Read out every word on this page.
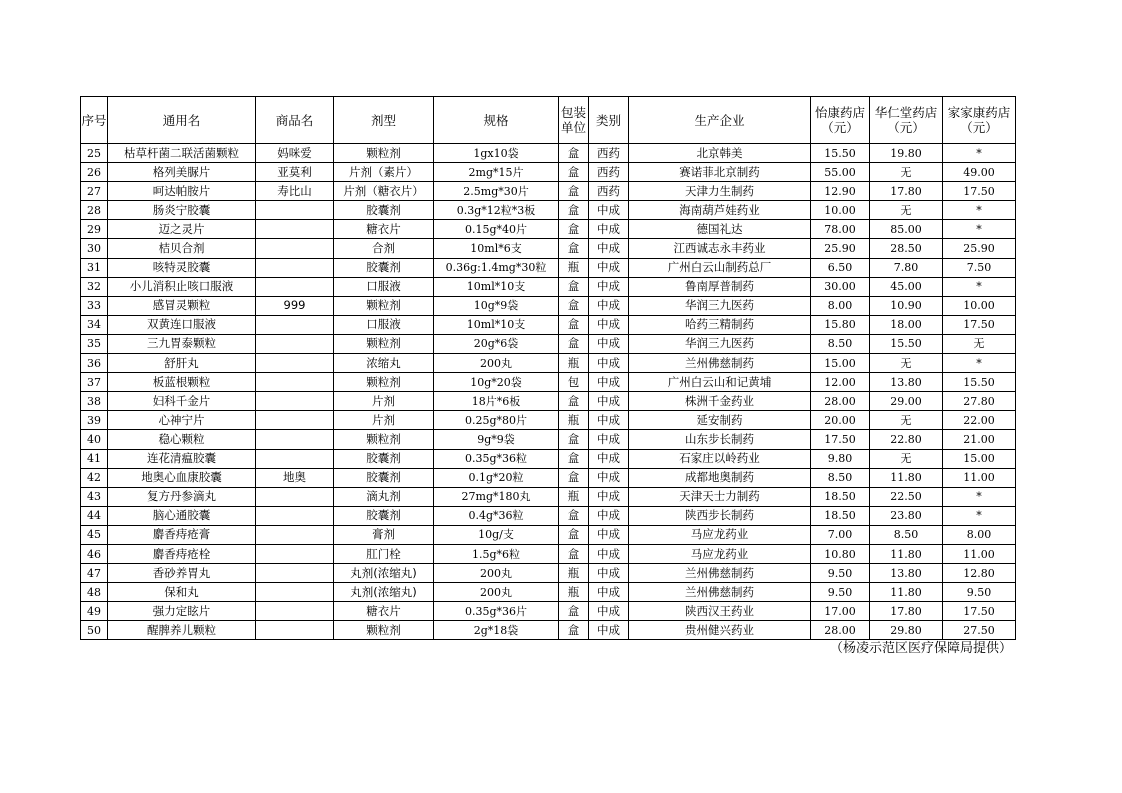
序号	通用名	商品名	剂型	规格	包装单位	类别	生产企业	怡康药店（元）	华仁堂药店（元）	家家康药店（元）
25	枯草杆菌二联活菌颗粒	妈咪爱	颗粒剂	1gx10袋	盒	西药	北京韩美	15.50	19.80	*
26	格列美脲片	亚莫利	片剂（素片）	2mg*15片	盒	西药	赛诺菲北京制药	55.00	无	49.00
27	呵达帕胺片	寿比山	片剂（糖衣片）	2.5mg*30片	盒	西药	天津力生制药	12.90	17.80	17.50
28	肠炎宁胶囊		胶囊剂	0.3g*12粒*3板	盒	中成	海南葫芦娃药业	10.00	无	*
29	迈之灵片		糖衣片	0.15g*40片	盒	中成	德国礼达	78.00	85.00	*
30	桔贝合剂		合剂	10ml*6支	盒	中成	江西诚志永丰药业	25.90	28.50	25.90
31	咳特灵胶囊		胶囊剂	0.36g:1.4mg*30粒	瓶	中成	广州白云山制药总厂	6.50	7.80	7.50
32	小儿消积止咳口服液		口服液	10ml*10支	盒	中成	鲁南厚普制药	30.00	45.00	*
33	感冒灵颗粒	999	颗粒剂	10g*9袋	盒	中成	华润三九医药	8.00	10.90	10.00
34	双黄连口服液		口服液	10ml*10支	盒	中成	哈药三精制药	15.80	18.00	17.50
35	三九胃泰颗粒		颗粒剂	20g*6袋	盒	中成	华润三九医药	8.50	15.50	无
36	舒肝丸		浓缩丸	200丸	瓶	中成	兰州佛慈制药	15.00	无	*
37	板蓝根颗粒		颗粒剂	10g*20袋	包	中成	广州白云山和记黄埔	12.00	13.80	15.50
38	妇科千金片		片剂	18片*6板	盒	中成	株洲千金药业	28.00	29.00	27.80
39	心神宁片		片剂	0.25g*80片	瓶	中成	延安制药	20.00	无	22.00
40	稳心颗粒		颗粒剂	9g*9袋	盒	中成	山东步长制药	17.50	22.80	21.00
41	连花清瘟胶囊		胶囊剂	0.35g*36粒	盒	中成	石家庄以岭药业	9.80	无	15.00
42	地奥心血康胶囊	地奥	胶囊剂	0.1g*20粒	盒	中成	成都地奥制药	8.50	11.80	11.00
43	复方丹参滴丸		滴丸剂	27mg*180丸	瓶	中成	天津天士力制药	18.50	22.50	*
44	脑心通胶囊		胶囊剂	0.4g*36粒	盒	中成	陕西步长制药	18.50	23.80	*
45	麝香痔疮膏		膏剂	10g/支	盒	中成	马应龙药业	7.00	8.50	8.00
46	麝香痔疮栓		肛门栓	1.5g*6粒	盒	中成	马应龙药业	10.80	11.80	11.00
47	香砂养胃丸		丸剂(浓缩丸)	200丸	瓶	中成	兰州佛慈制药	9.50	13.80	12.80
48	保和丸		丸剂(浓缩丸)	200丸	瓶	中成	兰州佛慈制药	9.50	11.80	9.50
49	强力定眩片		糖衣片	0.35g*36片	盒	中成	陕西汉王药业	17.00	17.80	17.50
50	醒脾养儿颗粒		颗粒剂	2g*18袋	盒	中成	贵州健兴药业	28.00	29.80	27.50
（杨凌示范区医疗保障局提供）
